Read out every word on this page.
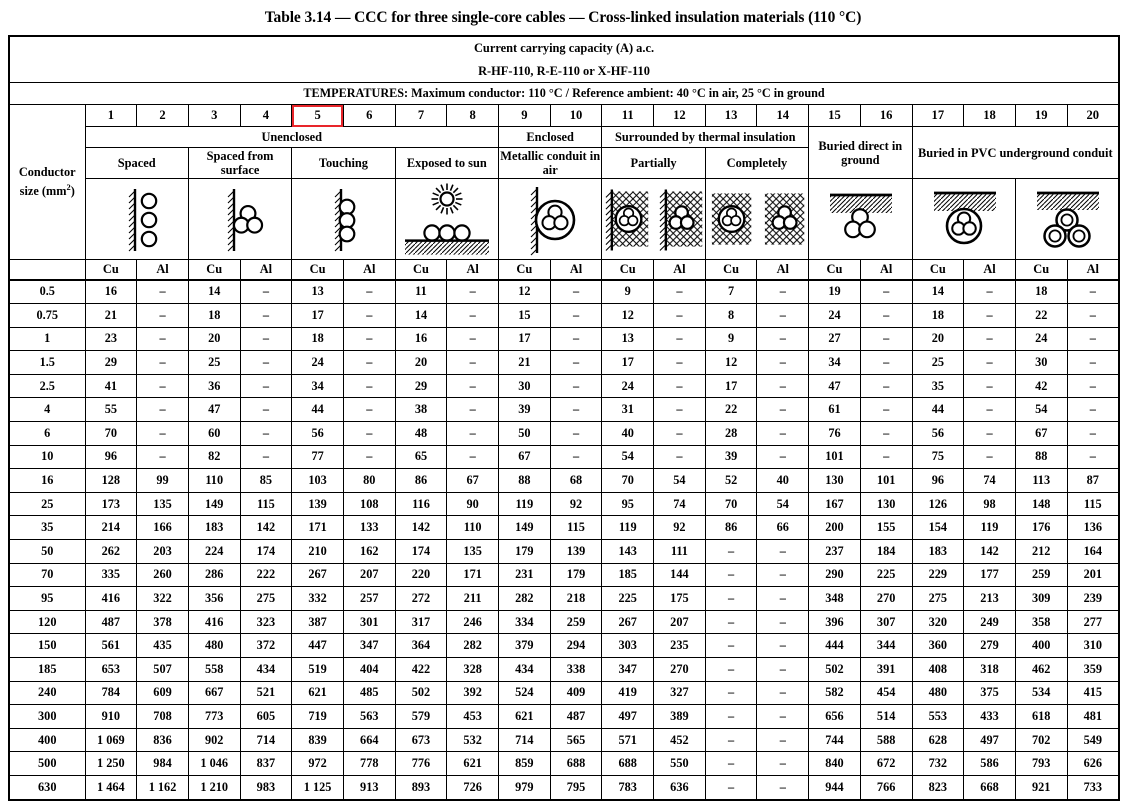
Table 3.14 — CCC for three single-core cables — Cross-linked insulation materials (110 °C)
Current carrying capacity (A) a.c.																				
R-HF-110, R-E-110 or X-HF-110																				
TEMPERATURES: Maximum conductor: 110 °C / Reference ambient: 40 °C in air, 25 °C in ground																				
Conductor
size $(mm^2)$	1	2	3	4	5	6	7	8	9	10	11	12	13	14	15	16	17	18	19	20
	Unenclosed								Enclosed		Surrounded by thermal insulation				Buried direct in ground		Buried in PVC underground conduit			
	Spaced		Spaced from surface		Touching		Exposed to sun		Metallic conduit in air		Partially		Completely							

	Cu	Al	Cu	Al	Cu	Al	Cu	Al	Cu	Al	Cu	Al	Cu	Al	Cu	Al	Cu	Al	Cu	Al
0.5	16	–	14	–	13	–	11	–	12	–	9	–	7	–	19	–	14	–	18	–
0.75	21	–	18	–	17	–	14	–	15	–	12	–	8	–	24	–	18	–	22	–
1	23	–	20	–	18	–	16	–	17	–	13	–	9	–	27	–	20	–	24	–
1.5	29	–	25	–	24	–	20	–	21	–	17	–	12	–	34	–	25	–	30	–
2.5	41	–	36	–	34	–	29	–	30	–	24	–	17	–	47	–	35	–	42	–
4	55	–	47	–	44	–	38	–	39	–	31	–	22	–	61	–	44	–	54	–
6	70	–	60	–	56	–	48	–	50	–	40	–	28	–	76	–	56	–	67	–
10	96	–	82	–	77	–	65	–	67	–	54	–	39	–	101	–	75	–	88	–
16	128	99	110	85	103	80	86	67	88	68	70	54	52	40	130	101	96	74	113	87
25	173	135	149	115	139	108	116	90	119	92	95	74	70	54	167	130	126	98	148	115
35	214	166	183	142	171	133	142	110	149	115	119	92	86	66	200	155	154	119	176	136
50	262	203	224	174	210	162	174	135	179	139	143	111	–	–	237	184	183	142	212	164
70	335	260	286	222	267	207	220	171	231	179	185	144	–	–	290	225	229	177	259	201
95	416	322	356	275	332	257	272	211	282	218	225	175	–	–	348	270	275	213	309	239
120	487	378	416	323	387	301	317	246	334	259	267	207	–	–	396	307	320	249	358	277
150	561	435	480	372	447	347	364	282	379	294	303	235	–	–	444	344	360	279	400	310
185	653	507	558	434	519	404	422	328	434	338	347	270	–	–	502	391	408	318	462	359
240	784	609	667	521	621	485	502	392	524	409	419	327	–	–	582	454	480	375	534	415
300	910	708	773	605	719	563	579	453	621	487	497	389	–	–	656	514	553	433	618	481
400	1 069	836	902	714	839	664	673	532	714	565	571	452	–	–	744	588	628	497	702	549
500	1 250	984	1 046	837	972	778	776	621	859	688	688	550	–	–	840	672	732	586	793	626
630	1 464	1 162	1 210	983	1 125	913	893	726	979	795	783	636	–	–	944	766	823	668	921	733
